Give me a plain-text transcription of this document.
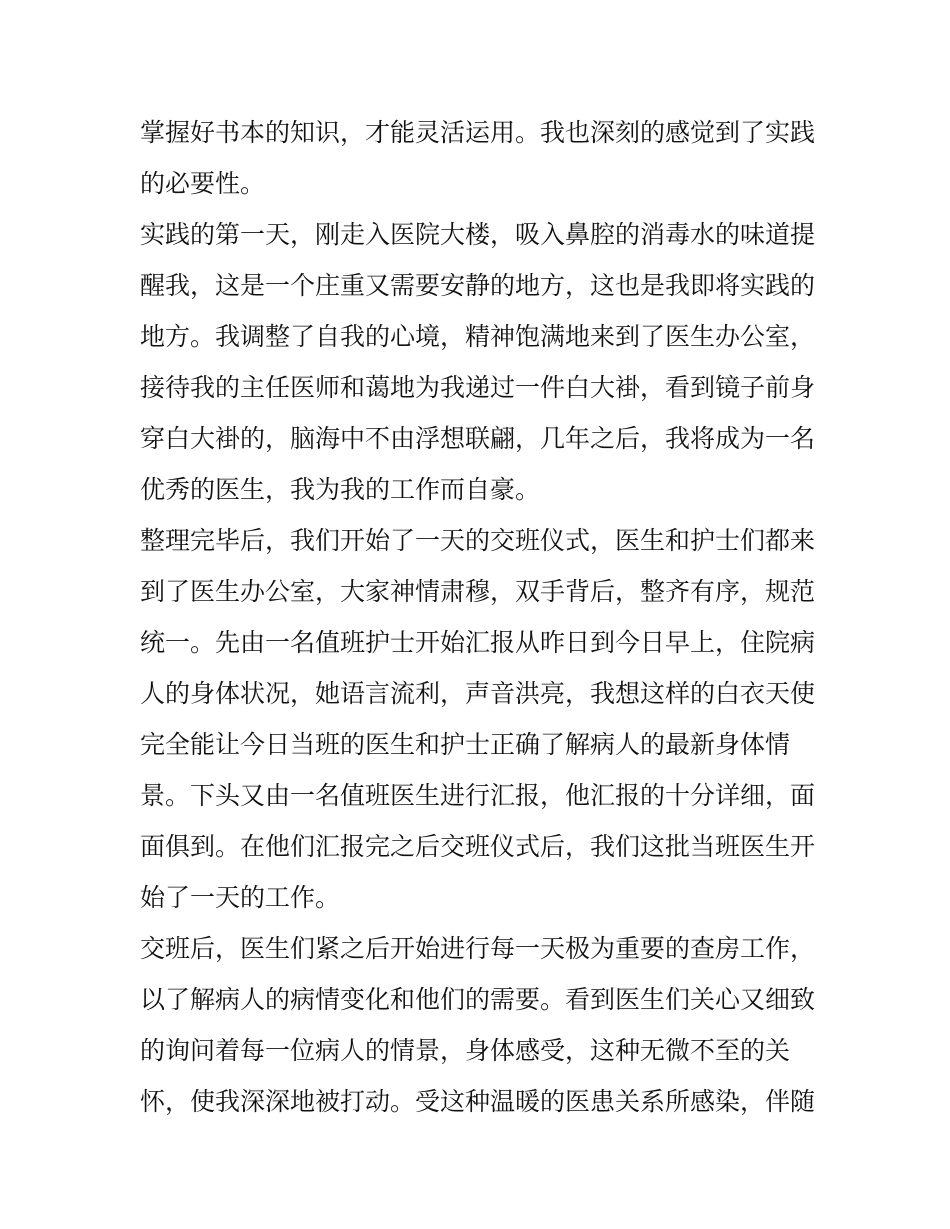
掌握好书本的知识，才能灵活运用。我也深刻的感觉到了实践
的必要性。
实践的第一天，刚走入医院大楼，吸入鼻腔的消毒水的味道提
醒我，这是一个庄重又需要安静的地方，这也是我即将实践的
地方。我调整了自我的心境，精神饱满地来到了医生办公室，
接待我的主任医师和蔼地为我递过一件白大褂，看到镜子前身
穿白大褂的，脑海中不由浮想联翩，几年之后，我将成为一名
优秀的医生，我为我的工作而自豪。
整理完毕后，我们开始了一天的交班仪式，医生和护士们都来
到了医生办公室，大家神情肃穆，双手背后，整齐有序，规范
统一。先由一名值班护士开始汇报从昨日到今日早上，住院病
人的身体状况，她语言流利，声音洪亮，我想这样的白衣天使
完全能让今日当班的医生和护士正确了解病人的最新身体情
景。下头又由一名值班医生进行汇报，他汇报的十分详细，面
面俱到。在他们汇报完之后交班仪式后，我们这批当班医生开
始了一天的工作。
交班后，医生们紧之后开始进行每一天极为重要的查房工作，
以了解病人的病情变化和他们的需要。看到医生们关心又细致
的询问着每一位病人的情景，身体感受，这种无微不至的关
怀，使我深深地被打动。受这种温暖的医患关系所感染，伴随
